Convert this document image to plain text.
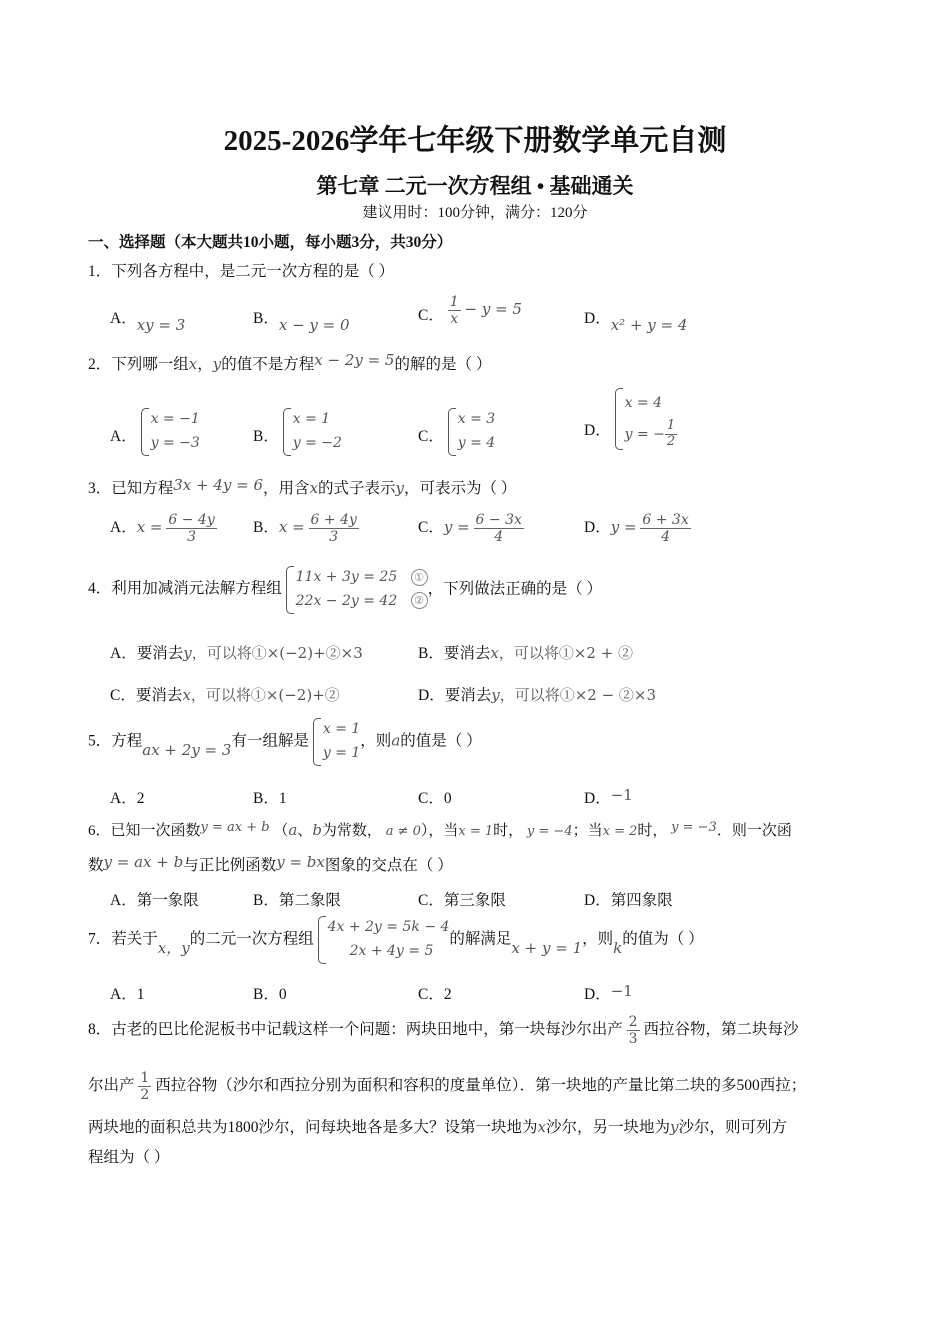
2025-2026学年七年级下册数学单元自测
第七章 二元一次方程组 • 基础通关
建议用时：100分钟，满分：120分
一、选择题（本大题共10小题，每小题3分，共30分）
1．下列各方程中，是二元一次方程的是（ ）
A．xy = 3	B．x − y = 0
C． $\frac{1}{x} - y = 5$
D．x² + y = 4
2．下列哪一组x，y的值不是方程x − 2y = 5的解的是（ ）
A．
x = −1
y = −3	B．
x = 1
y = −2	C．
x = 3
y = 4
D．
x = 4
y = − $\frac{1}{2}$
3．已知方程3x + 4y = 6，用含x的式子表示y，可表示为（ ）
A．$x = \frac{6 - 4y}{3}$ B．$x = \frac{6 + 4y}{3}$	C．$y = \frac{6 - 3x}{4}$	D．$y = \frac{6 + 3x}{4}$
4．利用加减消元法解方程组
11x + 3y = 25 ①
22x − 2y = 42 ②
，下列做法正确的是（ ）
A．要消去y，可以将①×(−2)+②×3	B．要消去x，可以将①×2 + ②
C．要消去x，可以将①×(−2)+②	D．要消去y，可以将①×2 − ②×3
5．方程ax + 2y = 3有一组解是
x = 1
y = 1
，则a的值是（ ）
A．2	B．1	C．0	D．−1
6．已知一次函数y = ax + b （a、b为常数， a ≠ 0），当x = 1时， y = −4；当x = 2时， y = −3．则一次函
数y = ax + b与正比例函数y = bx图象的交点在（ ）
A．第一象限	B．第二象限	C．第三象限	D．第四象限
7．若关于x，y的二元一次方程组
4x + 2y = 5k − 4
2x + 4y = 5
的解满足x + y = 1，则k的值为（ ）
A．1	B．0	C．2	D．−1
8．古老的巴比伦泥板书中记载这样一个问题：两块田地中，第一块每沙尔出产 $\frac{2}{3}$ 西拉谷物，第二块每沙
尔出产 $\frac{1}{2}$ 西拉谷物（沙尔和西拉分别为面积和容积的度量单位）．第一块地的产量比第二块的多500西拉；
两块地的面积总共为1800沙尔，问每块地各是多大？设第一块地为x沙尔，另一块地为y沙尔，则可列方
程组为（ ）
